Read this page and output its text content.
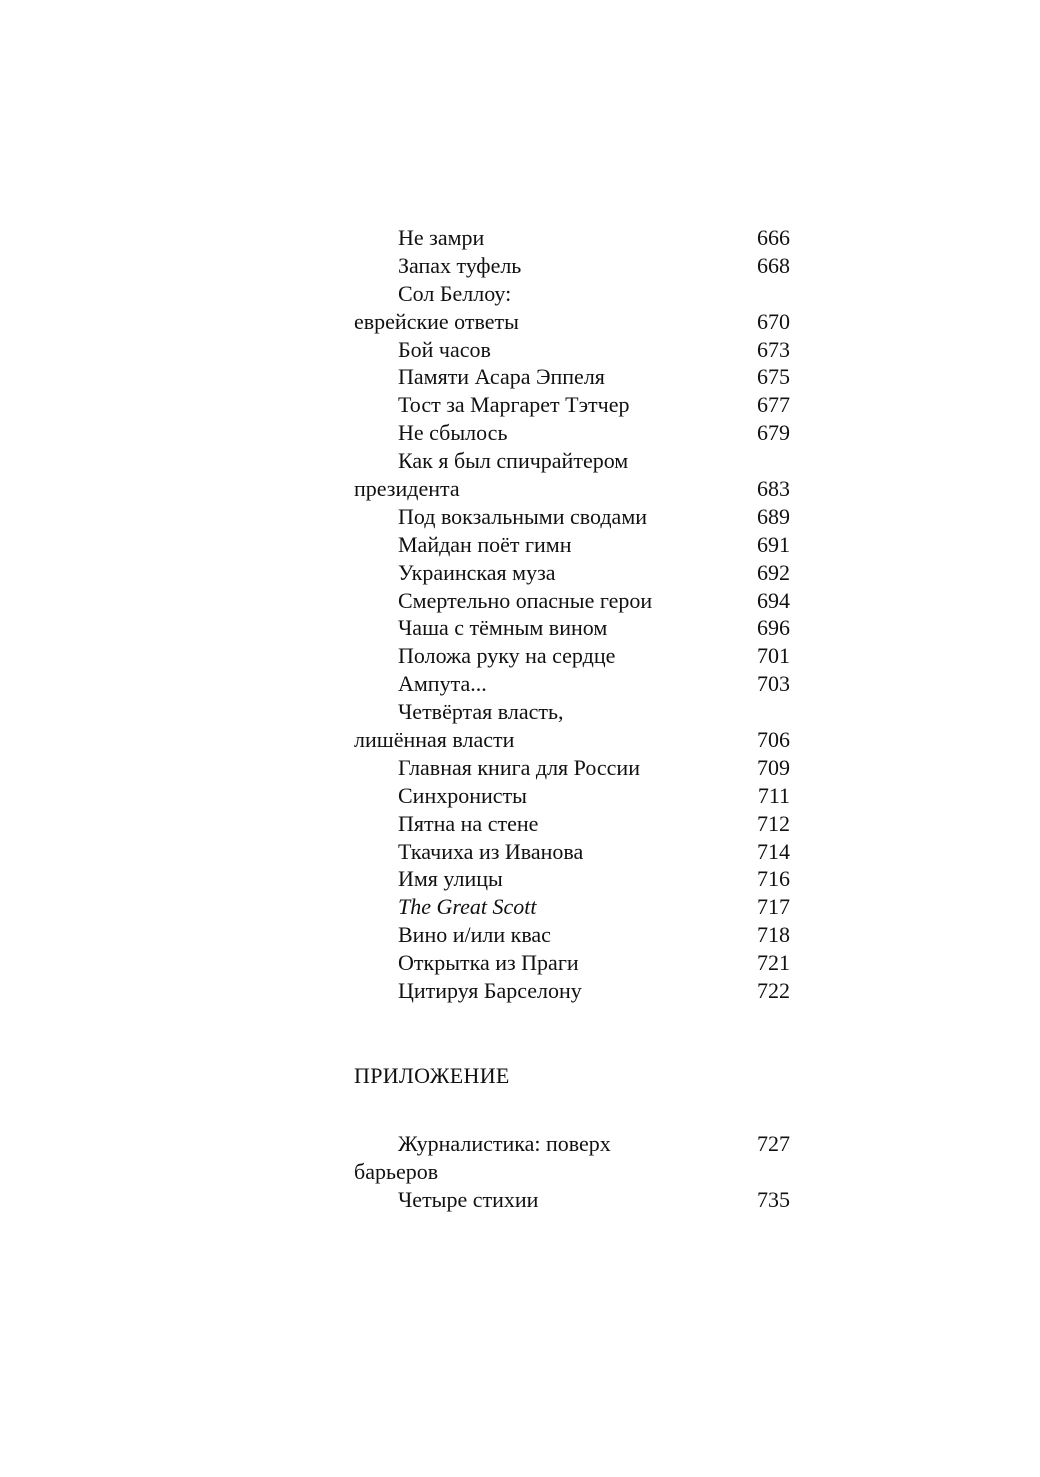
Не замри	666
Запах туфель	668
Сол Беллоу:
еврейские ответы	670
Бой часов	673
Памяти Асара Эппеля	675
Тост за Маргарет Тэтчер	677
Не сбылось	679
Как я был спичрайтером
президента	683
Под вокзальными сводами	689
Майдан поёт гимн	691
Украинская муза	692
Смертельно опасные герои	694
Чаша с тёмным вином	696
Положа руку на сердце	701
Ампута...	703
Четвёртая власть,
лишённая власти	706
Главная книга для России	709
Синхронисты	711
Пятна на стене	712
Ткачиха из Иванова	714
Имя улицы	716
The Great Scott	717
Вино и/или квас	718
Открытка из Праги	721
Цитируя Барселону	722
ПРИЛОЖЕНИЕ
Журналистика: поверх	727
барьеров
Четыре стихии	735
